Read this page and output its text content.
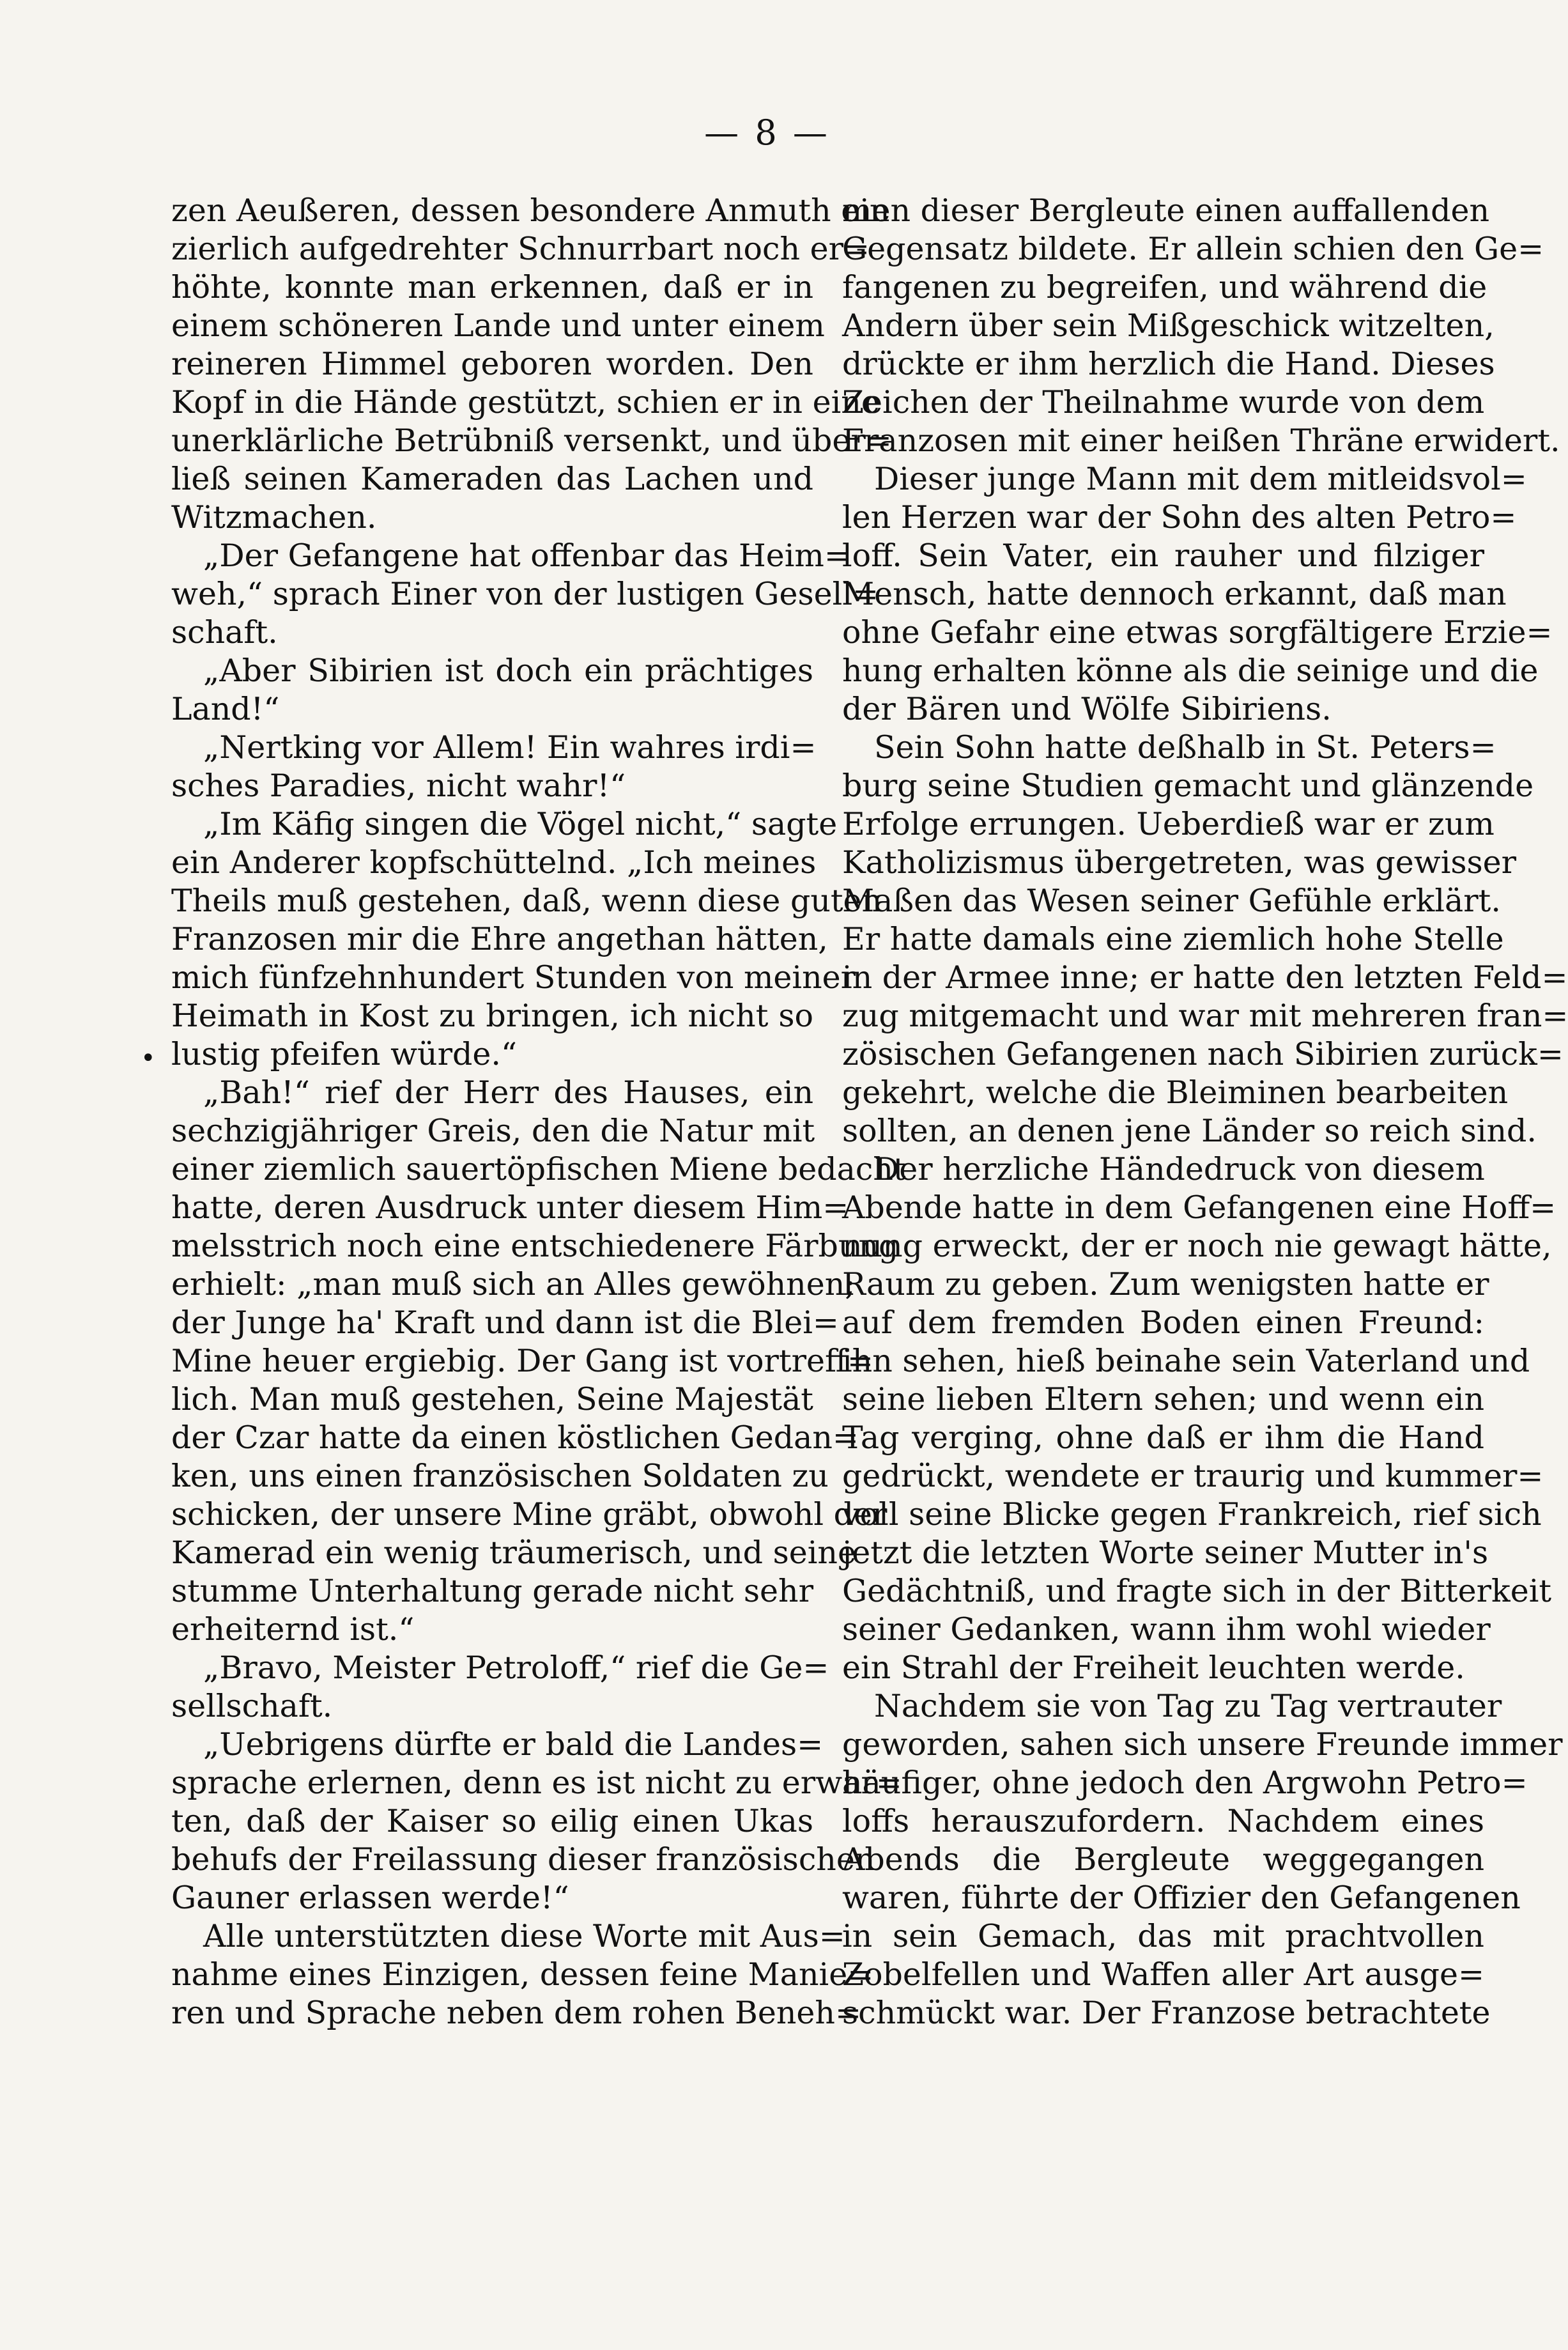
— 8 —
•

zen Aeußeren, dessen besondere Anmuth ein

zierlich aufgedrehter Schnurrbart noch er=

höhte, konnte man erkennen, daß er in

einem schöneren Lande und unter einem

reineren Himmel geboren worden. Den

Kopf in die Hände gestützt, schien er in eine

unerklärliche Betrübniß versenkt, und über=

ließ seinen Kameraden das Lachen und

Witzmachen.

„Der Gefangene hat offenbar das Heim=

weh,“ sprach Einer von der lustigen Gesell=

schaft.

„Aber Sibirien ist doch ein prächtiges

Land!“

„Nertking vor Allem! Ein wahres irdi=

sches Paradies, nicht wahr!“

„Im Käfig singen die Vögel nicht,“ sagte

ein Anderer kopfschüttelnd. „Ich meines

Theils muß gestehen, daß, wenn diese guten

Franzosen mir die Ehre angethan hätten,

mich fünfzehnhundert Stunden von meiner

Heimath in Kost zu bringen, ich nicht so

lustig pfeifen würde.“

„Bah!“ rief der Herr des Hauses, ein

sechzigjähriger Greis, den die Natur mit

einer ziemlich sauertöpfischen Miene bedacht

hatte, deren Ausdruck unter diesem Him=

melsstrich noch eine entschiedenere Färbung

erhielt: „man muß sich an Alles gewöhnen;

der Junge ha' Kraft und dann ist die Blei=

Mine heuer ergiebig. Der Gang ist vortreff=

lich. Man muß gestehen, Seine Majestät

der Czar hatte da einen köstlichen Gedan=

ken, uns einen französischen Soldaten zu

schicken, der unsere Mine gräbt, obwohl der

Kamerad ein wenig träumerisch, und seine

stumme Unterhaltung gerade nicht sehr

erheiternd ist.“

„Bravo, Meister Petroloff,“ rief die Ge=

sellschaft.

„Uebrigens dürfte er bald die Landes=

sprache erlernen, denn es ist nicht zu erwar=

ten, daß der Kaiser so eilig einen Ukas

behufs der Freilassung dieser französischen

Gauner erlassen werde!“

Alle unterstützten diese Worte mit Aus=

nahme eines Einzigen, dessen feine Manie=

ren und Sprache neben dem rohen Beneh=

men dieser Bergleute einen auffallenden

Gegensatz bildete. Er allein schien den Ge=

fangenen zu begreifen, und während die

Andern über sein Mißgeschick witzelten,

drückte er ihm herzlich die Hand. Dieses

Zeichen der Theilnahme wurde von dem

Franzosen mit einer heißen Thräne erwidert.

Dieser junge Mann mit dem mitleidsvol=

len Herzen war der Sohn des alten Petro=

loff. Sein Vater, ein rauher und filziger

Mensch, hatte dennoch erkannt, daß man

ohne Gefahr eine etwas sorgfältigere Erzie=

hung erhalten könne als die seinige und die

der Bären und Wölfe Sibiriens.

Sein Sohn hatte deßhalb in St. Peters=

burg seine Studien gemacht und glänzende

Erfolge errungen. Ueberdieß war er zum

Katholizismus übergetreten, was gewisser

Maßen das Wesen seiner Gefühle erklärt.

Er hatte damals eine ziemlich hohe Stelle

in der Armee inne; er hatte den letzten Feld=

zug mitgemacht und war mit mehreren fran=

zösischen Gefangenen nach Sibirien zurück=

gekehrt, welche die Bleiminen bearbeiten

sollten, an denen jene Länder so reich sind.

Der herzliche Händedruck von diesem

Abende hatte in dem Gefangenen eine Hoff=

nung erweckt, der er noch nie gewagt hätte,

Raum zu geben. Zum wenigsten hatte er

auf dem fremden Boden einen Freund:

ihn sehen, hieß beinahe sein Vaterland und

seine lieben Eltern sehen; und wenn ein

Tag verging, ohne daß er ihm die Hand

gedrückt, wendete er traurig und kummer=

voll seine Blicke gegen Frankreich, rief sich

jetzt die letzten Worte seiner Mutter in's

Gedächtniß, und fragte sich in der Bitterkeit

seiner Gedanken, wann ihm wohl wieder

ein Strahl der Freiheit leuchten werde.

Nachdem sie von Tag zu Tag vertrauter

geworden, sahen sich unsere Freunde immer

häufiger, ohne jedoch den Argwohn Petro=

loffs herauszufordern. Nachdem eines

Abends die Bergleute weggegangen

waren, führte der Offizier den Gefangenen

in sein Gemach, das mit prachtvollen

Zobelfellen und Waffen aller Art ausge=

schmückt war. Der Franzose betrachtete
